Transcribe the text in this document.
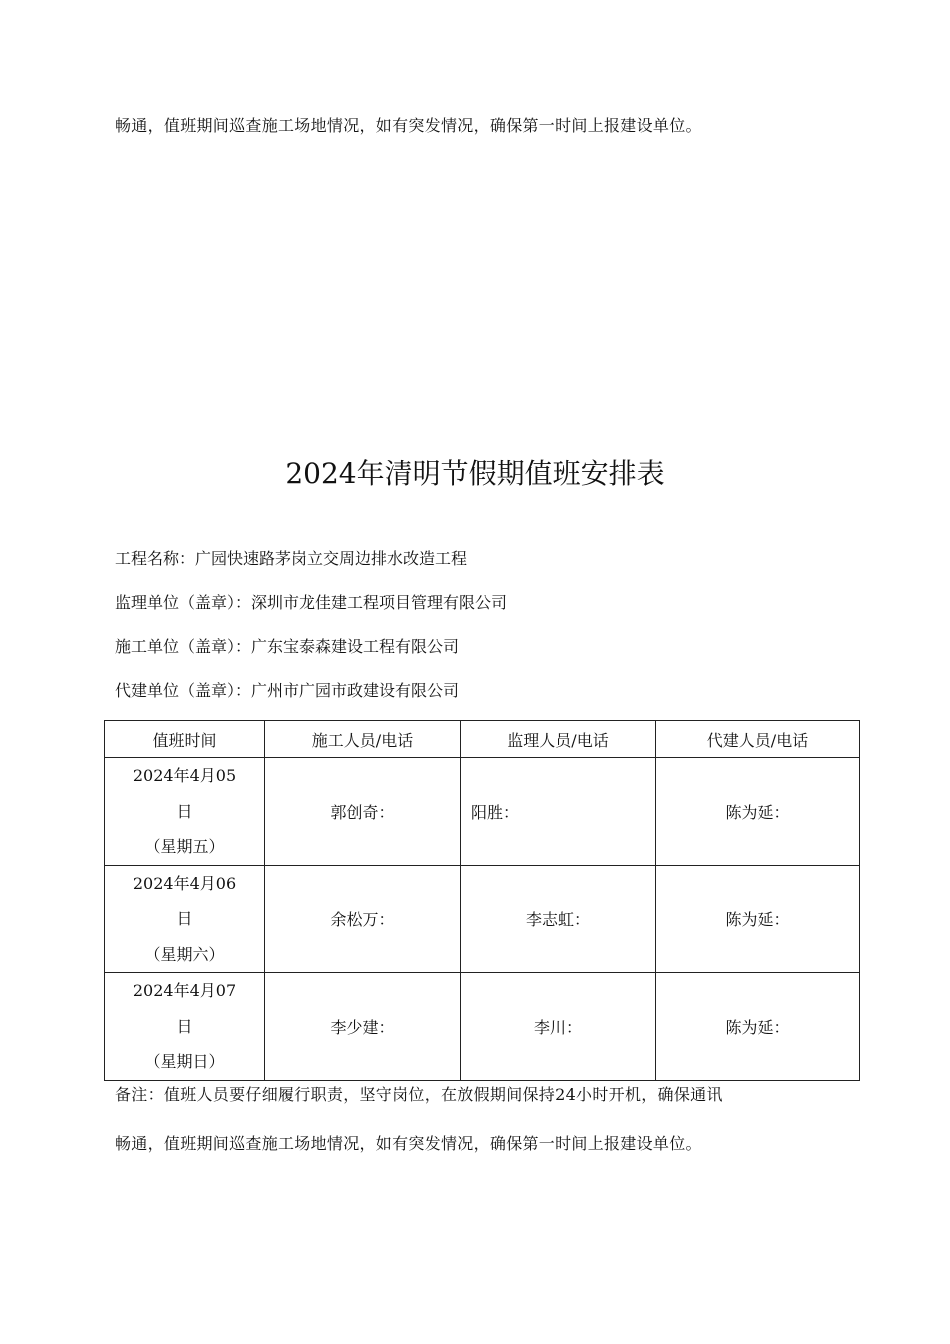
畅通，值班期间巡查施工场地情况，如有突发情况，确保第一时间上报建设单位。
2024年清明节假期值班安排表
工程名称：广园快速路茅岗立交周边排水改造工程
监理单位（盖章）：深圳市龙佳建工程项目管理有限公司
施工单位（盖章）：广东宝泰森建设工程有限公司
代建单位（盖章）：广州市广园市政建设有限公司
值班时间	施工人员/电话	监理人员/电话	代建人员/电话

2024年4月05
日
（星期五）	郭创奇：	阳胜：	陈为延：

2024年4月06
日
（星期六）	余松万：	李志虹：	陈为延：

2024年4月07
日
（星期日）	李少建：	李川：	陈为延：
备注：值班人员要仔细履行职责，坚守岗位，在放假期间保持24小时开机，确保通讯
畅通，值班期间巡查施工场地情况，如有突发情况，确保第一时间上报建设单位。
